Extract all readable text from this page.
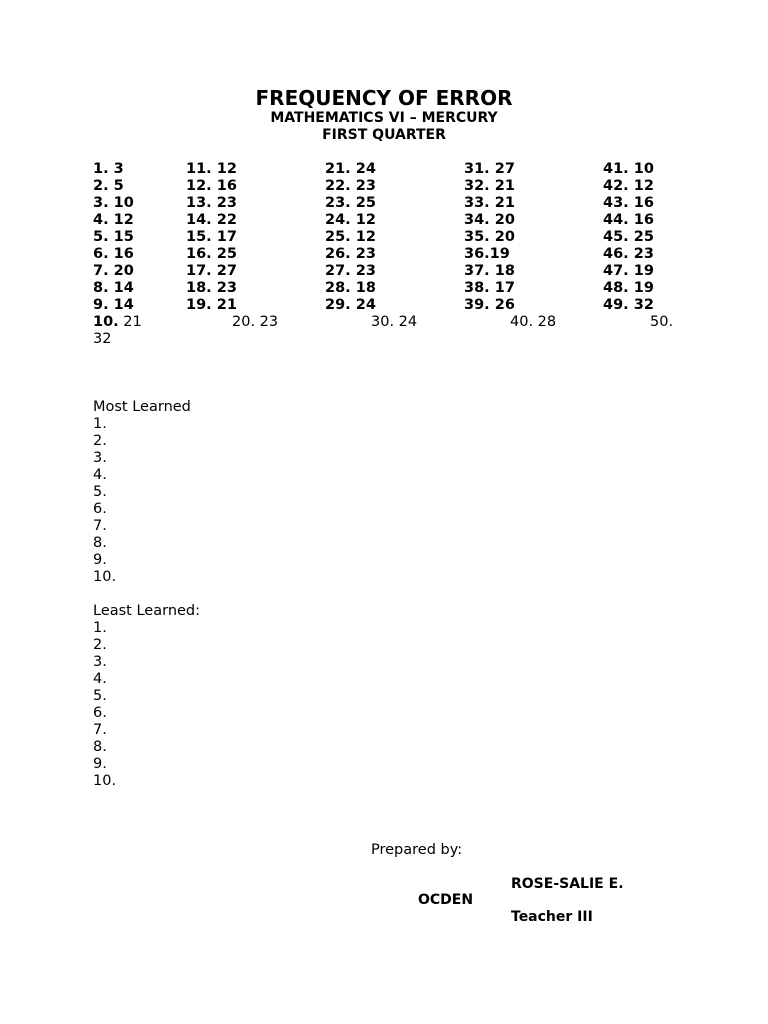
FREQUENCY OF ERROR
MATHEMATICS VI – MERCURY
FIRST QUARTER
1. 3	11. 12	21. 24	31. 27	41. 10
2. 5	12. 16	22. 23	32. 21	42. 12
3. 10	13. 23	23. 25	33. 21	43. 16
4. 12	14. 22	24. 12	34. 20	44. 16
5. 15	15. 17	25. 12	35. 20	45. 25
6. 16	16. 25	26. 23	36.19	46. 23
7. 20	17. 27	27. 23	37. 18	47. 19
8. 14	18. 23	28. 18	38. 17	48. 19
9. 14	19. 21	29. 24	39. 26	49. 32
10. 21	20. 23	30. 24	40. 28	50.
32
Most Learned
1.
2.
3.
4.
5.
6.
7.
8.
9.
10.
Least Learned:
1.
2.
3.
4.
5.
6.
7.
8.
9.
10.
Prepared by:
ROSE-SALIE E.
OCDEN
Teacher III
